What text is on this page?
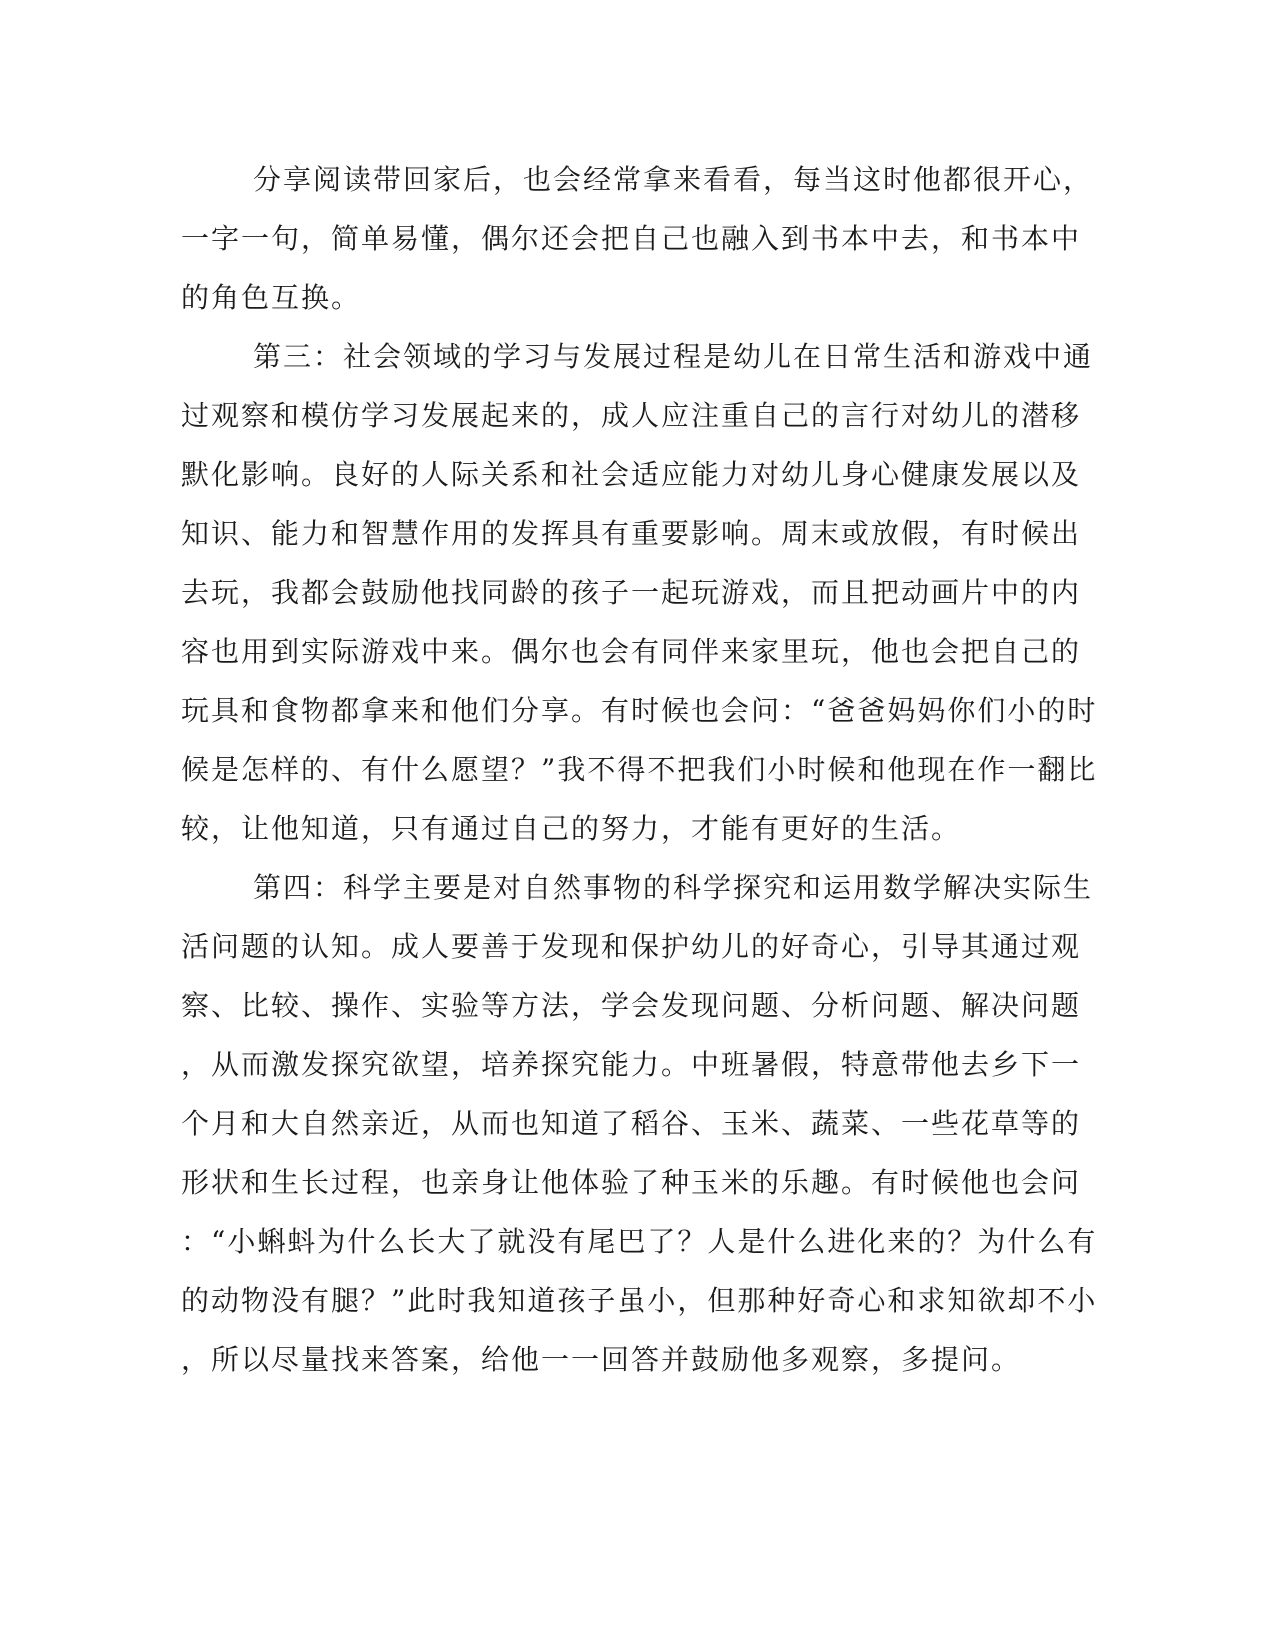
分享阅读带回家后，也会经常拿来看看，每当这时他都很开心，
一字一句，简单易懂，偶尔还会把自己也融入到书本中去，和书本中
的角色互换。
第三：社会领域的学习与发展过程是幼儿在日常生活和游戏中通
过观察和模仿学习发展起来的，成人应注重自己的言行对幼儿的潜移
默化影响。良好的人际关系和社会适应能力对幼儿身心健康发展以及
知识、能力和智慧作用的发挥具有重要影响。周末或放假，有时候出
去玩，我都会鼓励他找同龄的孩子一起玩游戏，而且把动画片中的内
容也用到实际游戏中来。偶尔也会有同伴来家里玩，他也会把自己的
玩具和食物都拿来和他们分享。有时候也会问：“爸爸妈妈你们小的时
候是怎样的、有什么愿望？”我不得不把我们小时候和他现在作一翻比
较，让他知道，只有通过自己的努力，才能有更好的生活。
第四：科学主要是对自然事物的科学探究和运用数学解决实际生
活问题的认知。成人要善于发现和保护幼儿的好奇心，引导其通过观
察、比较、操作、实验等方法，学会发现问题、分析问题、解决问题
，从而激发探究欲望，培养探究能力。中班暑假，特意带他去乡下一
个月和大自然亲近，从而也知道了稻谷、玉米、蔬菜、一些花草等的
形状和生长过程，也亲身让他体验了种玉米的乐趣。有时候他也会问
：“小蝌蚪为什么长大了就没有尾巴了？人是什么进化来的？为什么有
的动物没有腿？”此时我知道孩子虽小，但那种好奇心和求知欲却不小
，所以尽量找来答案，给他一一回答并鼓励他多观察，多提问。
